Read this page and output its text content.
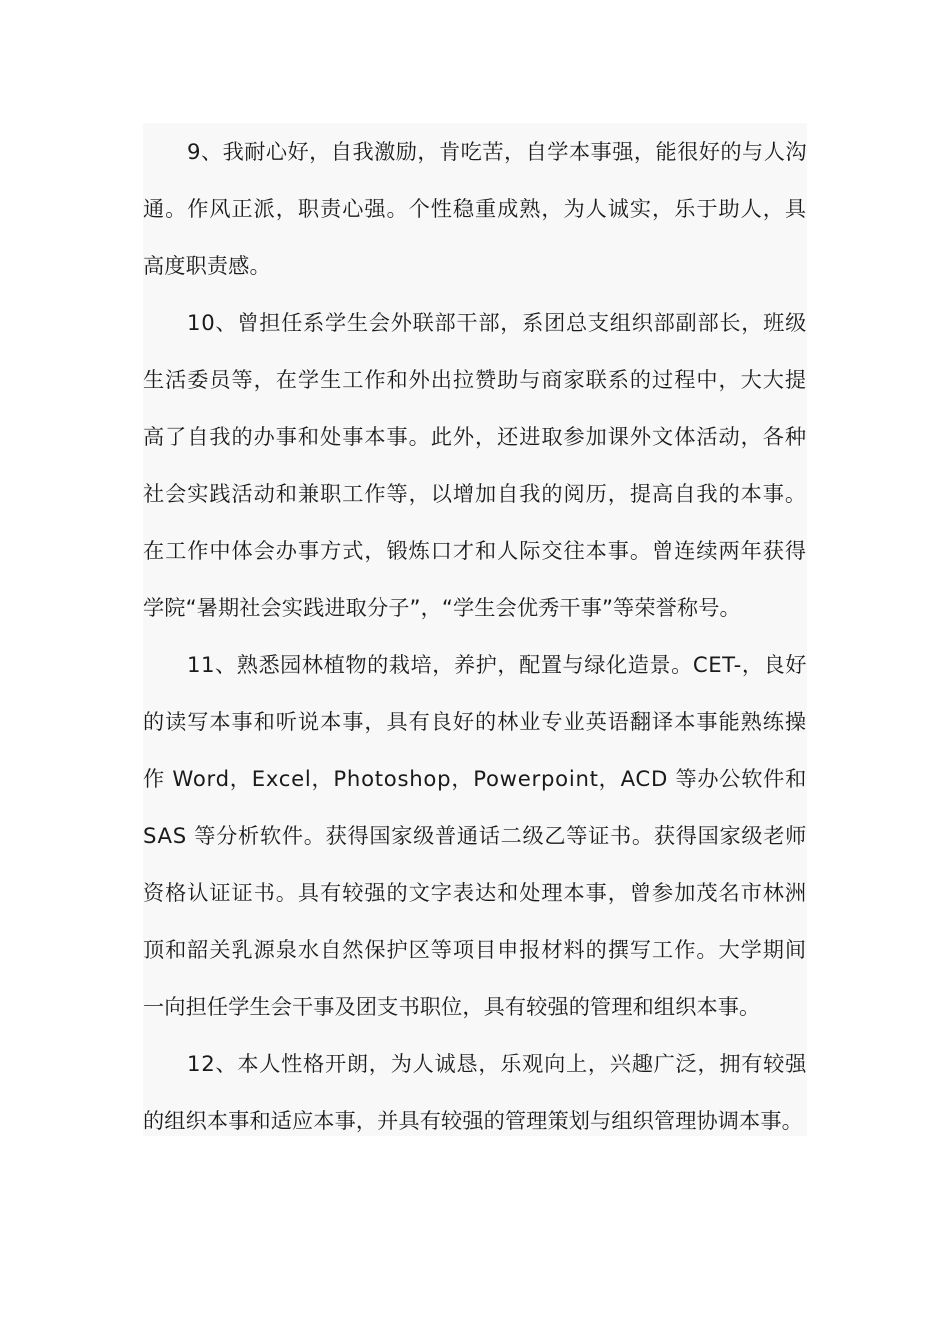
9、我耐心好，自我激励，肯吃苦，自学本事强，能很好的与人沟
通。作风正派，职责心强。个性稳重成熟，为人诚实，乐于助人，具
高度职责感。
10、曾担任系学生会外联部干部，系团总支组织部副部长，班级
生活委员等，在学生工作和外出拉赞助与商家联系的过程中，大大提
高了自我的办事和处事本事。此外，还进取参加课外文体活动，各种
社会实践活动和兼职工作等，以增加自我的阅历，提高自我的本事。
在工作中体会办事方式，锻炼口才和人际交往本事。曾连续两年获得
学院“暑期社会实践进取分子”，“学生会优秀干事”等荣誉称号。
11、熟悉园林植物的栽培，养护，配置与绿化造景。CET-，良好
的读写本事和听说本事，具有良好的林业专业英语翻译本事能熟练操
作 Word，Excel，Photoshop，Powerpoint，ACD 等办公软件和
SAS 等分析软件。获得国家级普通话二级乙等证书。获得国家级老师
资格认证证书。具有较强的文字表达和处理本事，曾参加茂名市林洲
顶和韶关乳源泉水自然保护区等项目申报材料的撰写工作。大学期间
一向担任学生会干事及团支书职位，具有较强的管理和组织本事。
12、本人性格开朗，为人诚恳，乐观向上，兴趣广泛，拥有较强
的组织本事和适应本事，并具有较强的管理策划与组织管理协调本事。
